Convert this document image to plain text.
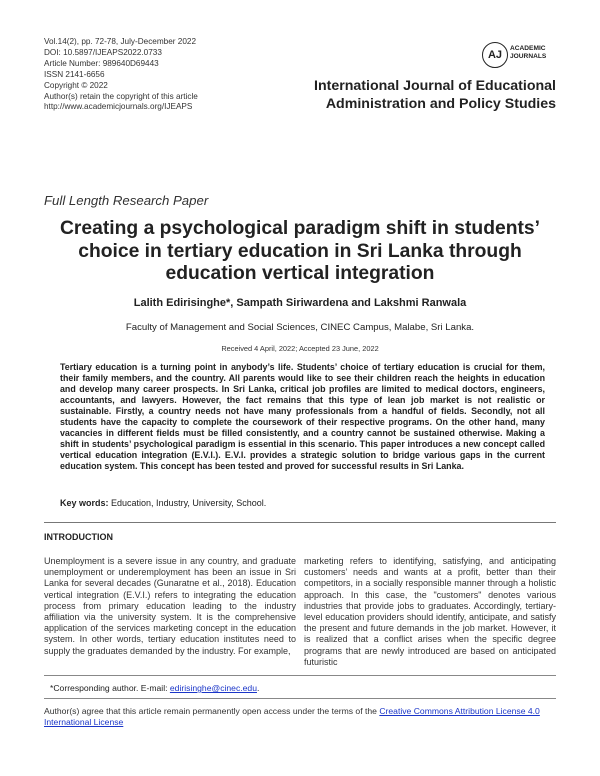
Vol.14(2), pp. 72-78, July-December 2022
DOI: 10.5897/IJEAPS2022.0733
Article Number: 989640D69443
ISSN 2141-6656
Copyright © 2022
Author(s) retain the copyright of this article
http://www.academicjournals.org/IJEAPS
AJ
ACADEMIC
JOURNALS
International Journal of Educational
Administration and Policy Studies
Full Length Research Paper
Creating a psychological paradigm shift in students’ choice in tertiary education in Sri Lanka through education vertical integration
Lalith Edirisinghe*, Sampath Siriwardena and Lakshmi Ranwala
Faculty of Management and Social Sciences, CINEC Campus, Malabe, Sri Lanka.
Received 4 April, 2022; Accepted 23 June, 2022
Tertiary education is a turning point in anybody’s life. Students’ choice of tertiary education is crucial for them, their family members, and the country. All parents would like to see their children reach the heights in education and develop many career prospects. In Sri Lanka, critical job profiles are limited to medical doctors, engineers, accountants, and lawyers. However, the fact remains that this type of lean job market is not realistic or sustainable. Firstly, a country needs not have many professionals from a handful of fields. Secondly, not all students have the capacity to complete the coursework of their respective programs. On the other hand, many vacancies in different fields must be filled consistently, and a country cannot be sustained otherwise. Making a shift in students’ psychological paradigm is essential in this scenario. This paper introduces a new concept called vertical education integration (E.V.I.). E.V.I. provides a strategic solution to bridge various gaps in the current education system. This concept has been tested and proved for successful results in Sri Lanka.
Key words: Education, Industry, University, School.
INTRODUCTION
Unemployment is a severe issue in any country, and graduate unemployment or underemployment has been an issue in Sri Lanka for several decades (Gunaratne et al., 2018). Education vertical integration (E.V.I.) refers to integrating the education process from primary education leading to the industry affiliation via the university system. It is the comprehensive application of the services marketing concept in the education system. In other words, tertiary education institutes need to supply the graduates demanded by the industry. For example,
marketing refers to identifying, satisfying, and anticipating customers’ needs and wants at a profit, better than their competitors, in a socially responsible manner through a holistic approach. In this case, the "customers" denotes various industries that provide jobs to graduates. Accordingly, tertiary-level education providers should identify, anticipate, and satisfy the present and future demands in the job market. However, it is realized that a conflict arises when the specific degree programs that are newly introduced are based on anticipated futuristic
*Corresponding author. E-mail: edirisinghe@cinec.edu.
Author(s) agree that this article remain permanently open access under the terms of the Creative Commons Attribution License 4.0 International License
